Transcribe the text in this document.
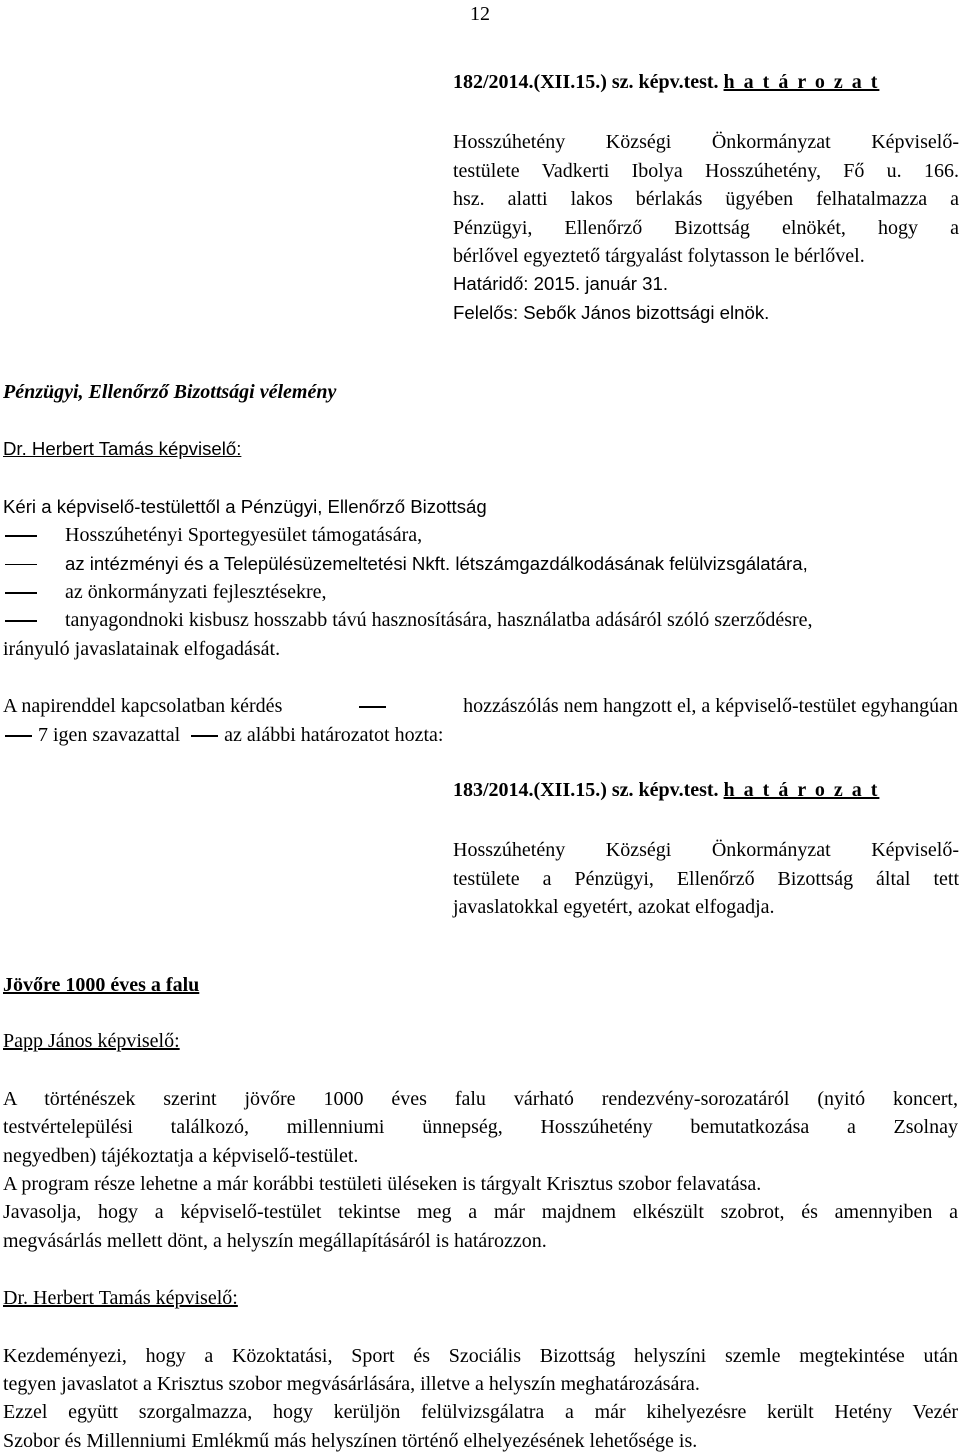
12

182/2014.(XII.15.) sz. képv.test. h a t á r o z a t

Hosszúhetény Községi Önkormányzat Képviselő-

testülete Vadkerti Ibolya Hosszúhetény, Fő u. 166.

hsz. alatti lakos bérlakás ügyében felhatalmazza a

Pénzügyi, Ellenőrző Bizottság elnökét, hogy a

bérlővel egyeztető tárgyalást folytasson le bérlővel.

Határidő: 2015. január 31.

Felelős: Sebők János bizottsági elnök.

Pénzügyi, Ellenőrző Bizottsági vélemény

Dr. Herbert Tamás képviselő:

Kéri a képviselő-testülettől a Pénzügyi, Ellenőrző Bizottság

Hosszúhetényi Sportegyesület támogatására,

az intézményi és a Településüzemeltetési Nkft. létszámgazdálkodásának felülvizsgálatára,

az önkormányzati fejlesztésekre,

tanyagondnoki kisbusz hosszabb távú hasznosítására, használatba adásáról szóló szerződésre,

irányuló javaslatainak elfogadását.

A napirenddel kapcsolatban kérdés	hozzászólás nem hangzott el, a képviselő-testület egyhangúan

7 igen szavazattal az alábbi határozatot hozta:

183/2014.(XII.15.) sz. képv.test. h a t á r o z a t

Hosszúhetény Községi Önkormányzat Képviselő-

testülete a Pénzügyi, Ellenőrző Bizottság által tett

javaslatokkal egyetért, azokat elfogadja.

Jövőre 1000 éves a falu

Papp János képviselő:

A történészek szerint jövőre 1000 éves falu várható rendezvény-sorozatáról (nyitó koncert,

testvértelepülési találkozó, millenniumi ünnepség, Hosszúhetény bemutatkozása a Zsolnay

negyedben) tájékoztatja a képviselő-testület.

A program része lehetne a már korábbi testületi üléseken is tárgyalt Krisztus szobor felavatása.

Javasolja, hogy a képviselő-testület tekintse meg a már majdnem elkészült szobrot, és amennyiben a

megvásárlás mellett dönt, a helyszín megállapításáról is határozzon.

Dr. Herbert Tamás képviselő:

Kezdeményezi, hogy a Közoktatási, Sport és Szociális Bizottság helyszíni szemle megtekintése után

tegyen javaslatot a Krisztus szobor megvásárlására, illetve a helyszín meghatározására.

Ezzel együtt szorgalmazza, hogy kerüljön felülvizsgálatra a már kihelyezésre került Hetény Vezér

Szobor és Millenniumi Emlékmű más helyszínen történő elhelyezésének lehetősége is.
